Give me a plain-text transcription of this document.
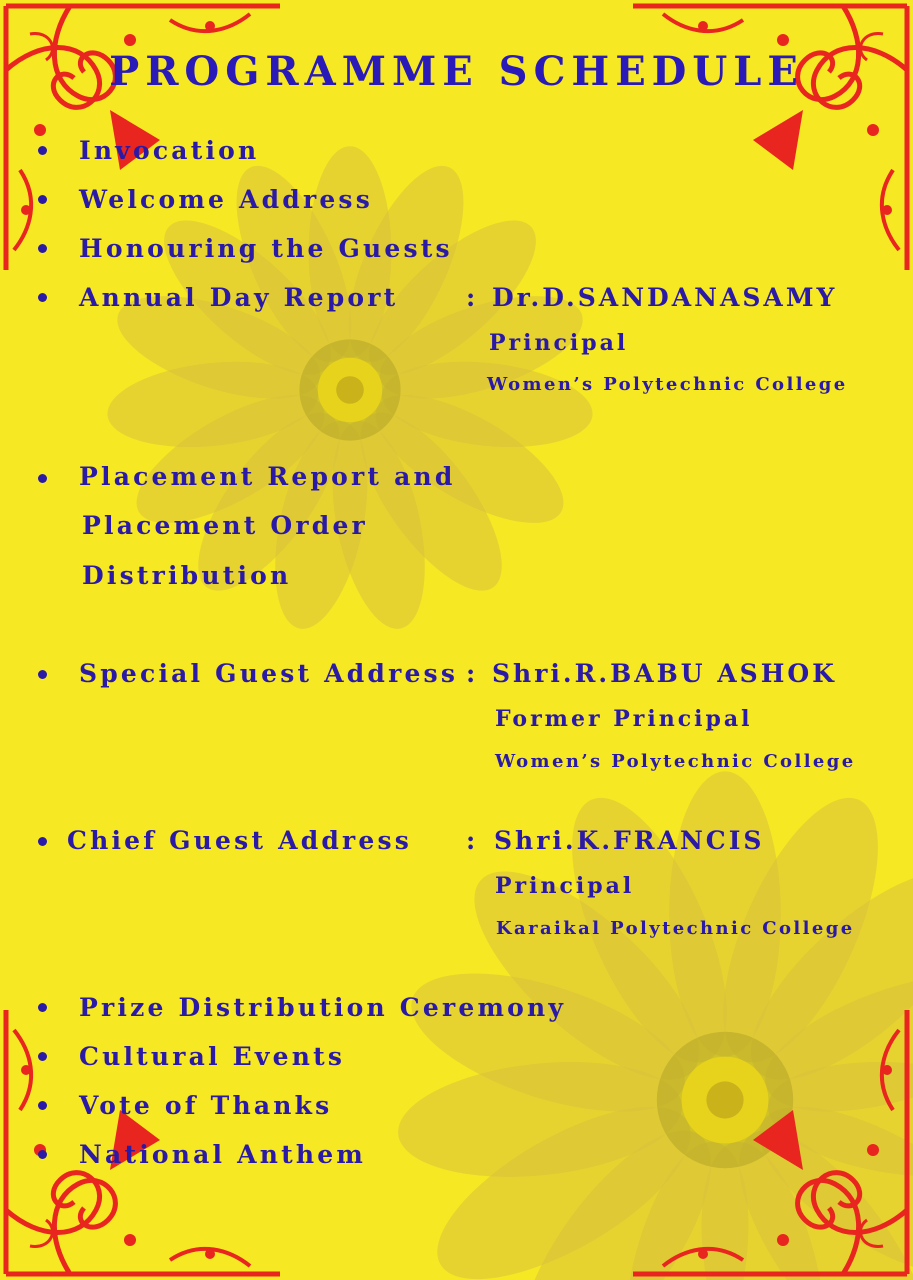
PROGRAMME SCHEDULE
Invocation
Welcome Address
Honouring the Guests
Annual Day Report	: Dr.D.SANDANASAMY
Principal
Women’s Polytechnic College
Placement Report and
Placement Order
Distribution
Special Guest Address : Shri.R.BABU ASHOK
Former Principal
Women’s Polytechnic College
Chief Guest Address : Shri.K.FRANCIS
Principal
Karaikal Polytechnic College
Prize Distribution Ceremony
Cultural Events
Vote of Thanks
National Anthem
